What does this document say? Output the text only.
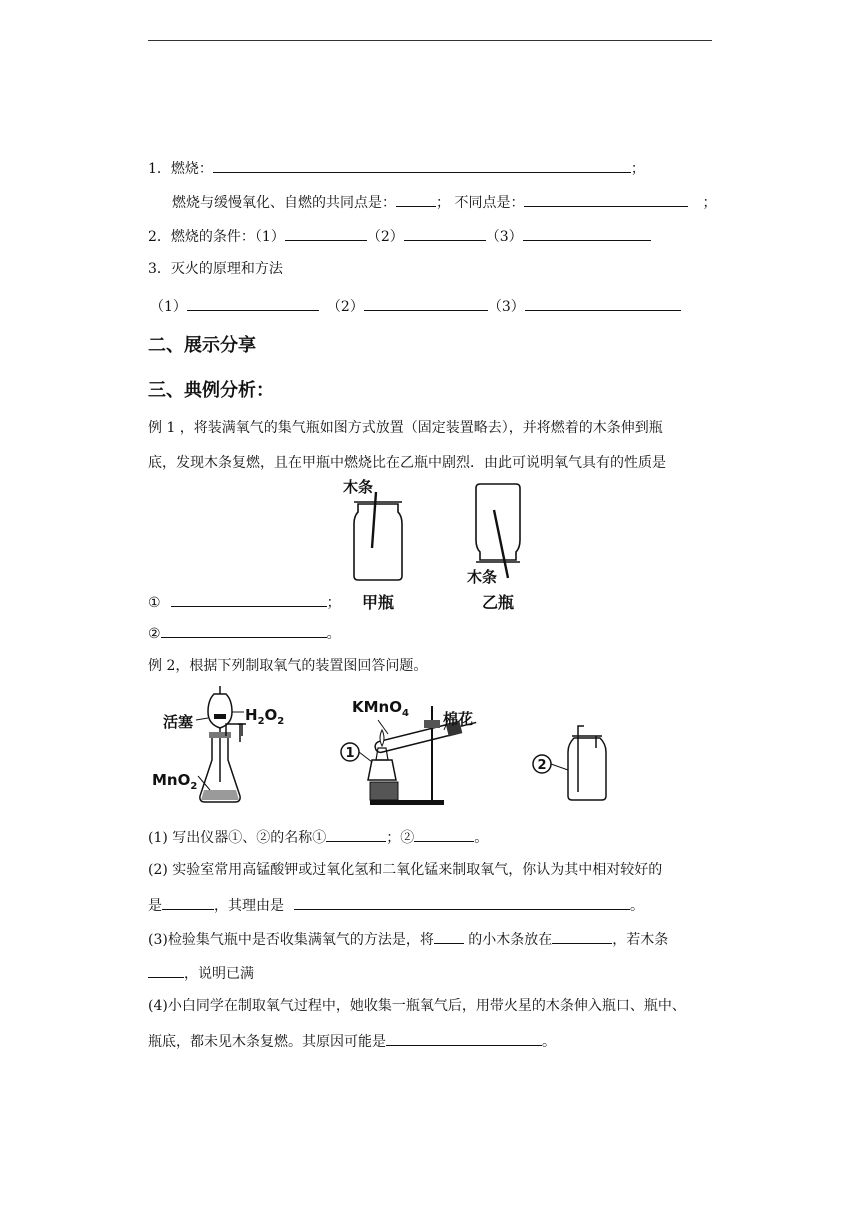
1．燃烧：	；
燃烧与缓慢氧化、自燃的共同点是：	； 不同点是：	；
2．燃烧的条件：（1）	（2）	（3）
3．灭火的原理和方法
（1）	（2）	（3）
二、展示分享
三、典例分析：
例 1 ，将装满氧气的集气瓶如图方式放置（固定装置略去），并将燃着的木条伸到瓶
底，发现木条复燃，且在甲瓶中燃烧比在乙瓶中剧烈．由此可说明氧气具有的性质是
木条
木条
①	； 甲瓶	乙瓶
②	。
例 2，根据下列制取氧气的装置图回答问题。
活塞	$H_2O_2$
MnO$_2$
1
KMnO$_4$ 棉花
2
(1) 写出仪器①、②的名称①	；②	。
(2) 实验室常用高锰酸钾或过氧化氢和二氧化锰来制取氧气，你认为其中相对较好的
是	，其理由是	。
(3)检验集气瓶中是否收集满氧气的方法是，将 的小木条放在	，若木条
，说明已满
(4)小白同学在制取氧气过程中，她收集一瓶氧气后，用带火星的木条伸入瓶口、瓶中、
瓶底，都未见木条复燃。其原因可能是	。
